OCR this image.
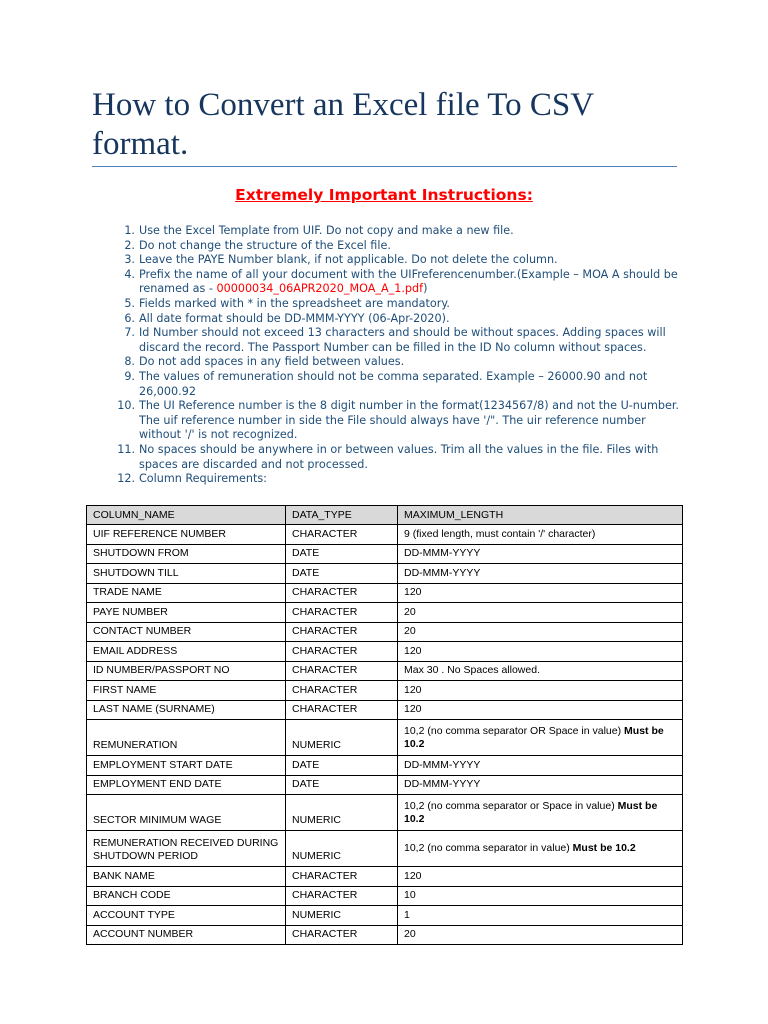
How to Convert an Excel file To CSV format.
Extremely Important Instructions:
1. Use the Excel Template from UIF. Do not copy and make a new file.
2. Do not change the structure of the Excel file.
3. Leave the PAYE Number blank, if not applicable. Do not delete the column.
4. Prefix the name of all your document with the UIFreferencenumber.(Example – MOA A should be renamed as - 00000034_06APR2020_MOA_A_1.pdf)
5. Fields marked with * in the spreadsheet are mandatory.
6. All date format should be DD-MMM-YYYY (06-Apr-2020).
7. Id Number should not exceed 13 characters and should be without spaces. Adding spaces will discard the record. The Passport Number can be filled in the ID No column without spaces.
8. Do not add spaces in any field between values.
9. The values of remuneration should not be comma separated. Example – 26000.90 and not 26,000.92
10. The UI Reference number is the 8 digit number in the format(1234567/8) and not the U-number. The uif reference number in side the File should always have '/". The uir reference number without '/' is not recognized.
11. No spaces should be anywhere in or between values. Trim all the values in the file. Files with spaces are discarded and not processed.
12. Column Requirements:
COLUMN_NAME	DATA_TYPE	MAXIMUM_LENGTH
UIF REFERENCE NUMBER	CHARACTER	9 (fixed length, must contain '/' character)
SHUTDOWN FROM	DATE	DD-MMM-YYYY
SHUTDOWN TILL	DATE	DD-MMM-YYYY
TRADE NAME	CHARACTER	120
PAYE NUMBER	CHARACTER	20
CONTACT NUMBER	CHARACTER	20
EMAIL ADDRESS	CHARACTER	120
ID NUMBER/PASSPORT NO	CHARACTER	Max 30 . No Spaces allowed.
FIRST NAME	CHARACTER	120
LAST NAME (SURNAME)	CHARACTER	120
REMUNERATION	NUMERIC	10,2 (no comma separator OR Space in value) Must be 10.2
EMPLOYMENT START DATE	DATE	DD-MMM-YYYY
EMPLOYMENT END DATE	DATE	DD-MMM-YYYY
SECTOR MINIMUM WAGE	NUMERIC	10,2 (no comma separator or Space in value) Must be 10.2
REMUNERATION RECEIVED DURING SHUTDOWN PERIOD	NUMERIC	10,2 (no comma separator in value) Must be 10.2
BANK NAME	CHARACTER	120
BRANCH CODE	CHARACTER	10
ACCOUNT TYPE	NUMERIC	1
ACCOUNT NUMBER	CHARACTER	20
